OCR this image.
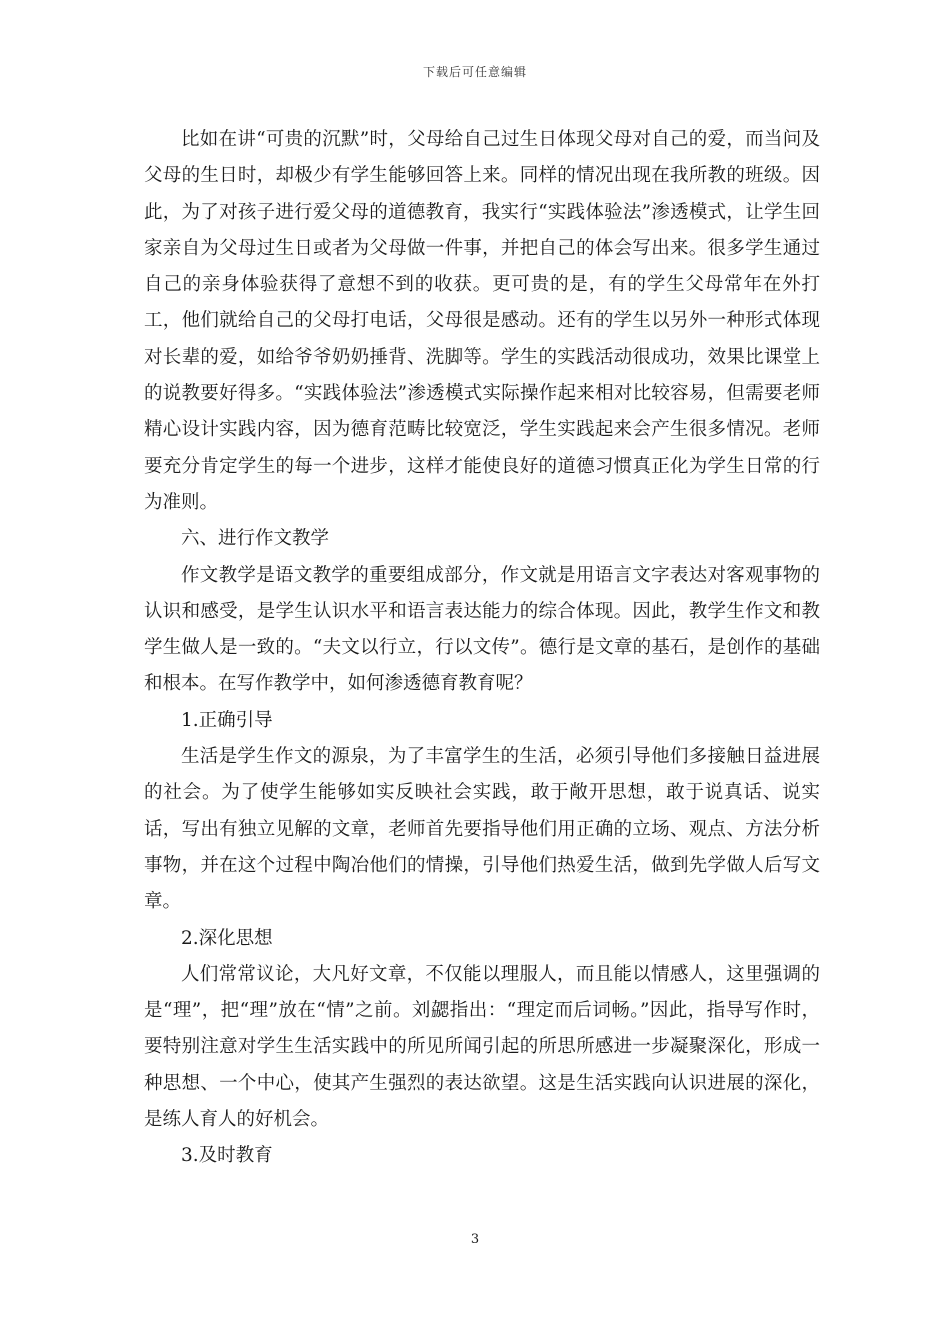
下载后可任意编辑

比如在讲“可贵的沉默”时，父母给自己过生日体现父母对自己的爱，而当问及父母的生日时，却极少有学生能够回答上来。同样的情况出现在我所教的班级。因此，为了对孩子进行爱父母的道德教育，我实行“实践体验法”渗透模式，让学生回家亲自为父母过生日或者为父母做一件事，并把自己的体会写出来。很多学生通过自己的亲身体验获得了意想不到的收获。更可贵的是，有的学生父母常年在外打工，他们就给自己的父母打电话，父母很是感动。还有的学生以另外一种形式体现对长辈的爱，如给爷爷奶奶捶背、洗脚等。学生的实践活动很成功，效果比课堂上的说教要好得多。“实践体验法”渗透模式实际操作起来相对比较容易，但需要老师精心设计实践内容，因为德育范畴比较宽泛，学生实践起来会产生很多情况。老师要充分肯定学生的每一个进步，这样才能使良好的道德习惯真正化为学生日常的行为准则。

六、进行作文教学

作文教学是语文教学的重要组成部分，作文就是用语言文字表达对客观事物的认识和感受，是学生认识水平和语言表达能力的综合体现。因此，教学生作文和教学生做人是一致的。“夫文以行立，行以文传”。德行是文章的基石，是创作的基础和根本。在写作教学中，如何渗透德育教育呢？

1.正确引导

生活是学生作文的源泉，为了丰富学生的生活，必须引导他们多接触日益进展的社会。为了使学生能够如实反映社会实践，敢于敞开思想，敢于说真话、说实话，写出有独立见解的文章，老师首先要指导他们用正确的立场、观点、方法分析事物，并在这个过程中陶冶他们的情操，引导他们热爱生活，做到先学做人后写文章。

2.深化思想

人们常常议论，大凡好文章，不仅能以理服人，而且能以情感人，这里强调的是“理”，把“理”放在“情”之前。刘勰指出：“理定而后词畅。”因此，指导写作时，要特别注意对学生生活实践中的所见所闻引起的所思所感进一步凝聚深化，形成一种思想、一个中心，使其产生强烈的表达欲望。这是生活实践向认识进展的深化，是练人育人的好机会。

3.及时教育

3
